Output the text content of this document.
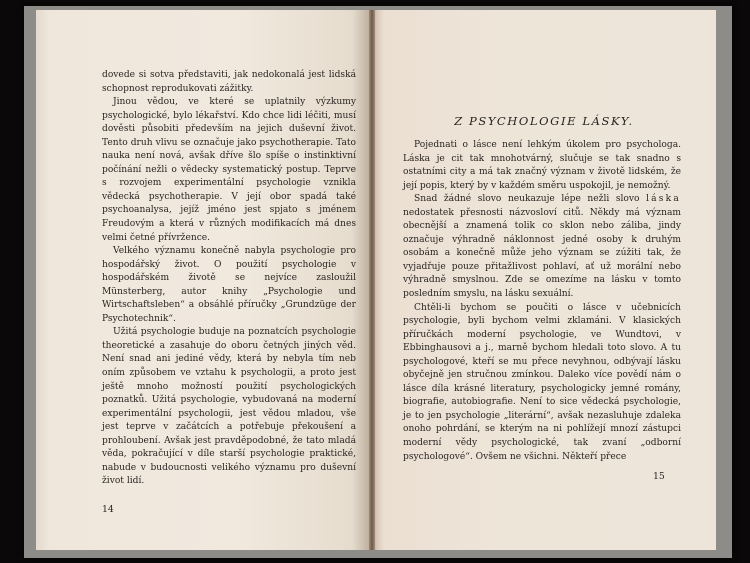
dovede si sotva představiti, jak nedokonalá jest lidská schopnost reprodukovati zážitky.

Jinou vědou, ve které se uplatnily výzkumy psychologické, bylo lékařství. Kdo chce lidi léčiti, musí dověsti působiti především na jejich duševní život. Tento druh vlivu se označuje jako psychotherapie. Tato nauka není nová, avšak dříve šlo spíše o instinktivní počínání nežli o vědecky systematický postup. Teprve s rozvojem experimentální psychologie vznikla vědecká psychotherapie. V její obor spadá také psychoanalysa, jejíž jméno jest spjato s jménem Freudovým a která v různých modifikacích má dnes velmi četné přívržence.

Velkého významu konečně nabyla psychologie pro hospodářský život. O použití psychologie v hospodářském životě se nejvíce zasloužil Münsterberg, autor knihy „Psychologie und Wirtschaftsleben“ a obsáhlé příručky „Grundzüge der Psychotechnik“.

Užitá psychologie buduje na poznatcích psychologie theoretické a zasahuje do oboru četných jiných věd. Není snad ani jediné vědy, která by nebyla tím neb oním způsobem ve vztahu k psychologii, a proto jest ještě mnoho možností použití psychologických poznatků. Užitá psychologie, vybudovaná na moderní experimentální psychologii, jest vědou mladou, vše jest teprve v začátcích a potřebuje překoušení a prohloubení. Avšak jest pravděpodobné, že tato mladá věda, pokračující v díle starší psychologie praktické, nabude v budoucnosti velikého významu pro duševní život lidí.

14
Z PSYCHOLOGIE LÁSKY.

Pojednati o lásce není lehkým úkolem pro psychologa. Láska je cit tak mnohotvárný, slučuje se tak snadno s ostatními city a má tak značný význam v životě lidském, že její popis, který by v každém směru uspokojil, je nemožný.

Snad žádné slovo neukazuje lépe nežli slovo láska nedostatek přesnosti názvosloví citů. Někdy má význam obecnější a znamená tolik co sklon nebo záliba, jindy označuje výhradně náklonnost jedné osoby k druhým osobám a konečně může jeho význam se zúžiti tak, že vyjadřuje pouze přitažlivost pohlaví, ať už morální nebo výhradně smyslnou. Zde se omezíme na lásku v tomto posledním smyslu, na lásku sexuální.

Chtěli-li bychom se poučiti o lásce v učebnicích psychologie, byli bychom velmi zklamáni. V klasických příručkách moderní psychologie, ve Wundtovi, v Ebbinghausovi a j., marně bychom hledali toto slovo. A tu psychologové, kteří se mu přece nevyhnou, odbývají lásku obyčejně jen stručnou zmínkou. Daleko více povědí nám o lásce díla krásné literatury, psychologicky jemné romány, biografie, autobiografie. Není to sice vědecká psychologie, je to jen psychologie „literární“, avšak nezasluhuje zdaleka onoho pohrdání, se kterým na ni pohlížejí mnozí zástupci moderní vědy psychologické, tak zvaní „odborní psychologové“. Ovšem ne všichni. Někteří přece

15
